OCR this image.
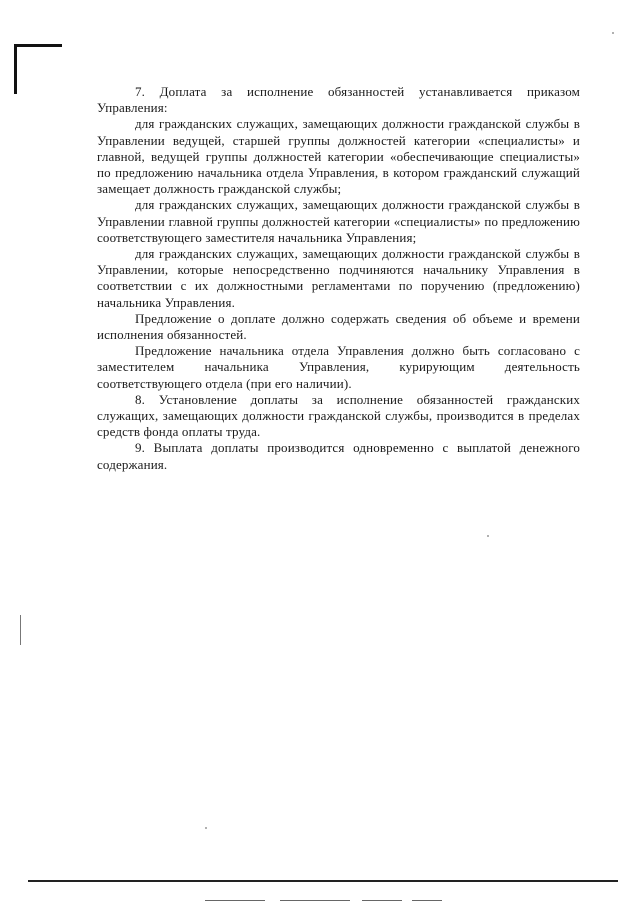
7. Доплата за исполнение обязанностей устанавливается приказом Управления:

для гражданских служащих, замещающих должности гражданской службы в Управлении ведущей, старшей группы должностей категории «специалисты» и главной, ведущей группы должностей категории «обеспечивающие специалисты» по предложению начальника отдела Управления, в котором гражданский служащий замещает должность гражданской службы;

для гражданских служащих, замещающих должности гражданской службы в Управлении главной группы должностей категории «специалисты» по предложению соответствующего заместителя начальника Управления;

для гражданских служащих, замещающих должности гражданской службы в Управлении, которые непосредственно подчиняются начальнику Управления в соответствии с их должностными регламентами по поручению (предложению) начальника Управления.

Предложение о доплате должно содержать сведения об объеме и времени исполнения обязанностей.

Предложение начальника отдела Управления должно быть согласовано с заместителем начальника Управления, курирующим деятельность соответствующего отдела (при его наличии).

8. Установление доплаты за исполнение обязанностей гражданских служащих, замещающих должности гражданской службы, производится в пределах средств фонда оплаты труда.

9. Выплата доплаты производится одновременно с выплатой денежного содержания.
